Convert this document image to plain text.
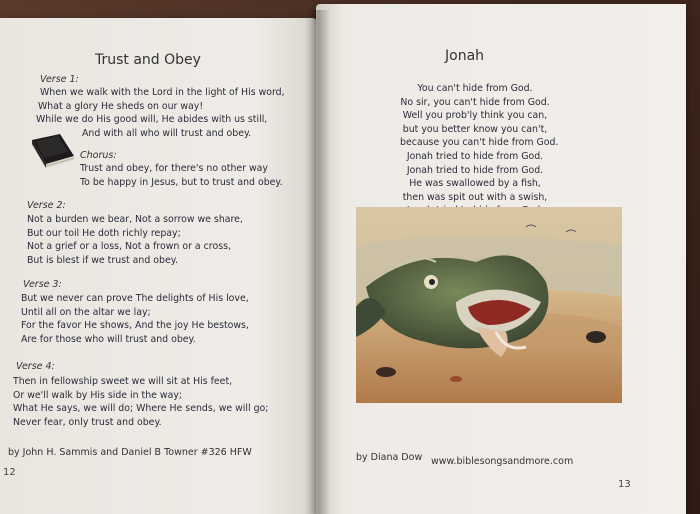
Trust and Obey
Verse 1:
When we walk with the Lord in the light of His word,
What a glory He sheds on our way!
While we do His good will, He abides with us still,
And with all who will trust and obey.
Chorus:
Trust and obey, for there's no other way
To be happy in Jesus, but to trust and obey.
Verse 2:
Not a burden we bear, Not a sorrow we share,
But our toil He doth richly repay;
Not a grief or a loss, Not a frown or a cross,
But is blest if we trust and obey.
Verse 3:
But we never can prove The delights of His love,
Until all on the altar we lay;
For the favor He shows, And the joy He bestows,
Are for those who will trust and obey.
Verse 4:
Then in fellowship sweet we will sit at His feet,
Or we'll walk by His side in the way;
What He says, we will do; Where He sends, we will go;
Never fear, only trust and obey.
by John H. Sammis and Daniel B Towner #326 HFW
12
Jonah
You can't hide from God.
No sir, you can't hide from God.
Well you prob'ly think you can,
but you better know you can't,
because you can't hide from God.
Jonah tried to hide from God.
Jonah tried to hide from God.
He was swallowed by a fish,
then was spit out with a swish,
by Diana Dow www.biblesongsandmore.com
13
